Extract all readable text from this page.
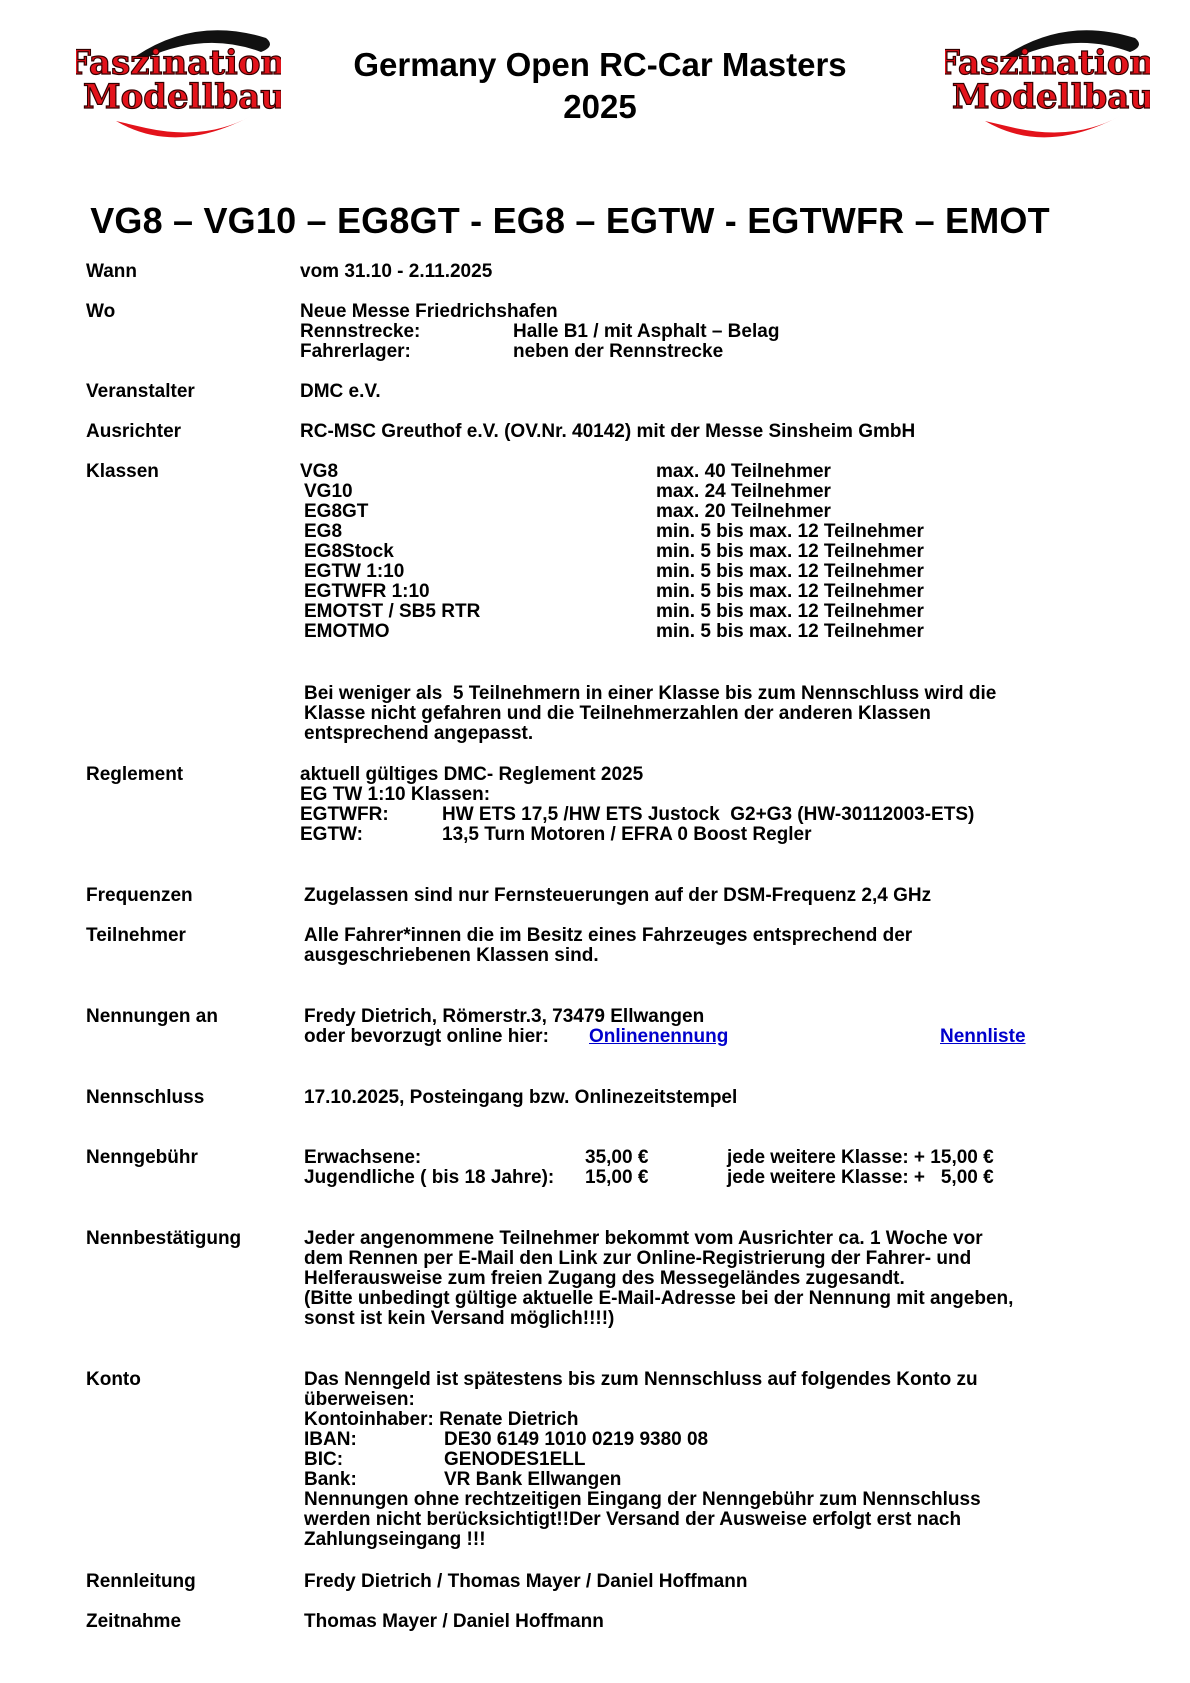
Faszination
Modellbau
Faszination
Modellbau
Germany Open RC-Car Masters
2025
VG8 – VG10 – EG8GT - EG8 – EGTW - EGTWFR – EMOT
Wann	vom 31.10 - 2.11.2025
Wo	Neue Messe Friedrichshafen
Rennstrecke:	Halle B1 / mit Asphalt – Belag
Fahrerlager:	neben der Rennstrecke
Veranstalter	DMC e.V.
Ausrichter	RC-MSC Greuthof e.V. (OV.Nr. 40142) mit der Messe Sinsheim GmbH
Klassen	VG8	max. 40 Teilnehmer
VG10	max. 24 Teilnehmer
EG8GT	max. 20 Teilnehmer
EG8	min. 5 bis max. 12 Teilnehmer
EG8Stock	min. 5 bis max. 12 Teilnehmer
EGTW 1:10	min. 5 bis max. 12 Teilnehmer
EGTWFR 1:10	min. 5 bis max. 12 Teilnehmer
EMOTST / SB5 RTR	min. 5 bis max. 12 Teilnehmer
EMOTMO	min. 5 bis max. 12 Teilnehmer
Bei weniger als  5 Teilnehmern in einer Klasse bis zum Nennschluss wird die
Klasse nicht gefahren und die Teilnehmerzahlen der anderen Klassen
entsprechend angepasst.
Reglement	aktuell gültiges DMC- Reglement 2025
EG TW 1:10 Klassen:
EGTWFR:	HW ETS 17,5 /HW ETS Justock  G2+G3 (HW-30112003-ETS)
EGTW:	13,5 Turn Motoren / EFRA 0 Boost Regler
Frequenzen	Zugelassen sind nur Fernsteuerungen auf der DSM-Frequenz 2,4 GHz
Teilnehmer	Alle Fahrer*innen die im Besitz eines Fahrzeuges entsprechend der
ausgeschriebenen Klassen sind.
Nennungen an	Fredy Dietrich, Römerstr.3, 73479 Ellwangen
oder bevorzugt online hier: Onlinenennung	Nennliste
Nennschluss	17.10.2025, Posteingang bzw. Onlinezeitstempel
Nenngebühr	Erwachsene:	35,00 €	jede weitere Klasse: + 15,00 €
Jugendliche ( bis 18 Jahre): 15,00 €	jede weitere Klasse: +   5,00 €
Nennbestätigung	Jeder angenommene Teilnehmer bekommt vom Ausrichter ca. 1 Woche vor
dem Rennen per E-Mail den Link zur Online-Registrierung der Fahrer- und
Helferausweise zum freien Zugang des Messegeländes zugesandt.
(Bitte unbedingt gültige aktuelle E-Mail-Adresse bei der Nennung mit angeben,
sonst ist kein Versand möglich!!!!)
Konto	Das Nenngeld ist spätestens bis zum Nennschluss auf folgendes Konto zu
überweisen:
Kontoinhaber: Renate Dietrich
IBAN:	DE30 6149 1010 0219 9380 08
BIC:	GENODES1ELL
Bank:	VR Bank Ellwangen
Nennungen ohne rechtzeitigen Eingang der Nenngebühr zum Nennschluss
werden nicht berücksichtigt!!Der Versand der Ausweise erfolgt erst nach
Zahlungseingang !!!
Rennleitung	Fredy Dietrich / Thomas Mayer / Daniel Hoffmann
Zeitnahme	Thomas Mayer / Daniel Hoffmann
